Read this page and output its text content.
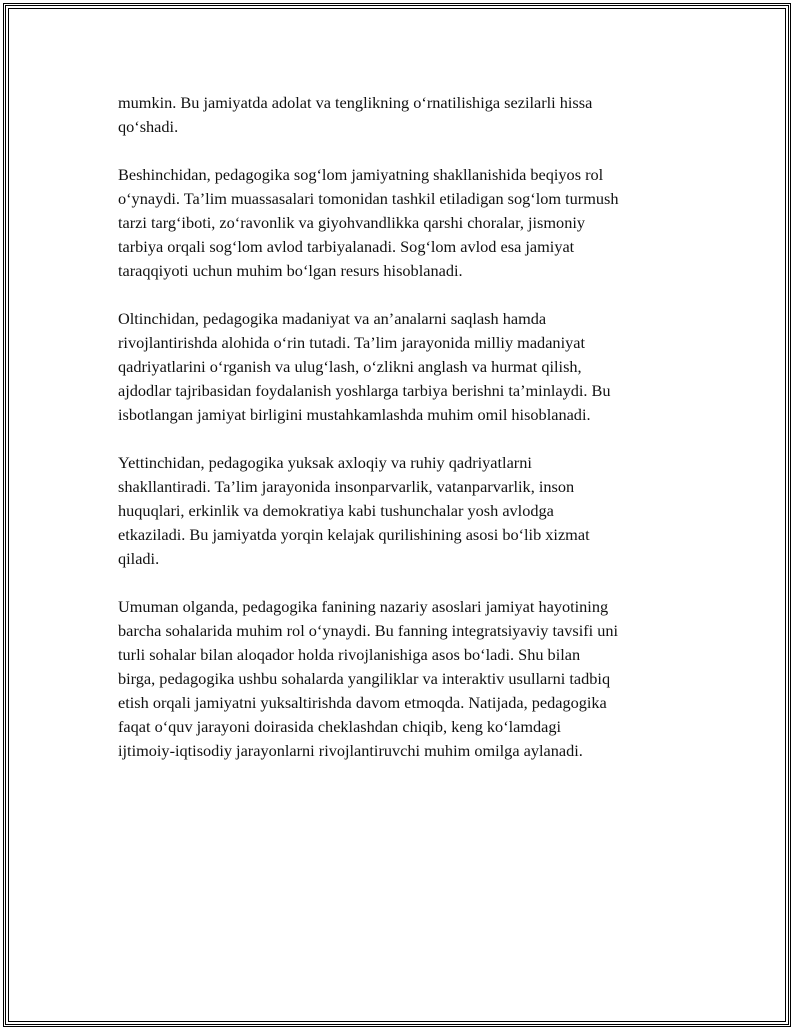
mumkin. Bu jamiyatda adolat va tenglikning o‘rnatilishiga sezilarli hissa
qo‘shadi.

Beshinchidan, pedagogika sog‘lom jamiyatning shakllanishida beqiyos rol
o‘ynaydi. Ta’lim muassasalari tomonidan tashkil etiladigan sog‘lom turmush
tarzi targ‘iboti, zo‘ravonlik va giyohvandlikka qarshi choralar, jismoniy
tarbiya orqali sog‘lom avlod tarbiyalanadi. Sog‘lom avlod esa jamiyat
taraqqiyoti uchun muhim bo‘lgan resurs hisoblanadi.

Oltinchidan, pedagogika madaniyat va an’analarni saqlash hamda
rivojlantirishda alohida o‘rin tutadi. Ta’lim jarayonida milliy madaniyat
qadriyatlarini o‘rganish va ulug‘lash, o‘zlikni anglash va hurmat qilish,
ajdodlar tajribasidan foydalanish yoshlarga tarbiya berishni ta’minlaydi. Bu
isbotlangan jamiyat birligini mustahkamlashda muhim omil hisoblanadi.

Yettinchidan, pedagogika yuksak axloqiy va ruhiy qadriyatlarni
shakllantiradi. Ta’lim jarayonida insonparvarlik, vatanparvarlik, inson
huquqlari, erkinlik va demokratiya kabi tushunchalar yosh avlodga
etkaziladi. Bu jamiyatda yorqin kelajak qurilishining asosi bo‘lib xizmat
qiladi.

Umuman olganda, pedagogika fanining nazariy asoslari jamiyat hayotining
barcha sohalarida muhim rol o‘ynaydi. Bu fanning integratsiyaviy tavsifi uni
turli sohalar bilan aloqador holda rivojlanishiga asos bo‘ladi. Shu bilan
birga, pedagogika ushbu sohalarda yangiliklar va interaktiv usullarni tadbiq
etish orqali jamiyatni yuksaltirishda davom etmoqda. Natijada, pedagogika
faqat o‘quv jarayoni doirasida cheklashdan chiqib, keng ko‘lamdagi
ijtimoiy-iqtisodiy jarayonlarni rivojlantiruvchi muhim omilga aylanadi.
